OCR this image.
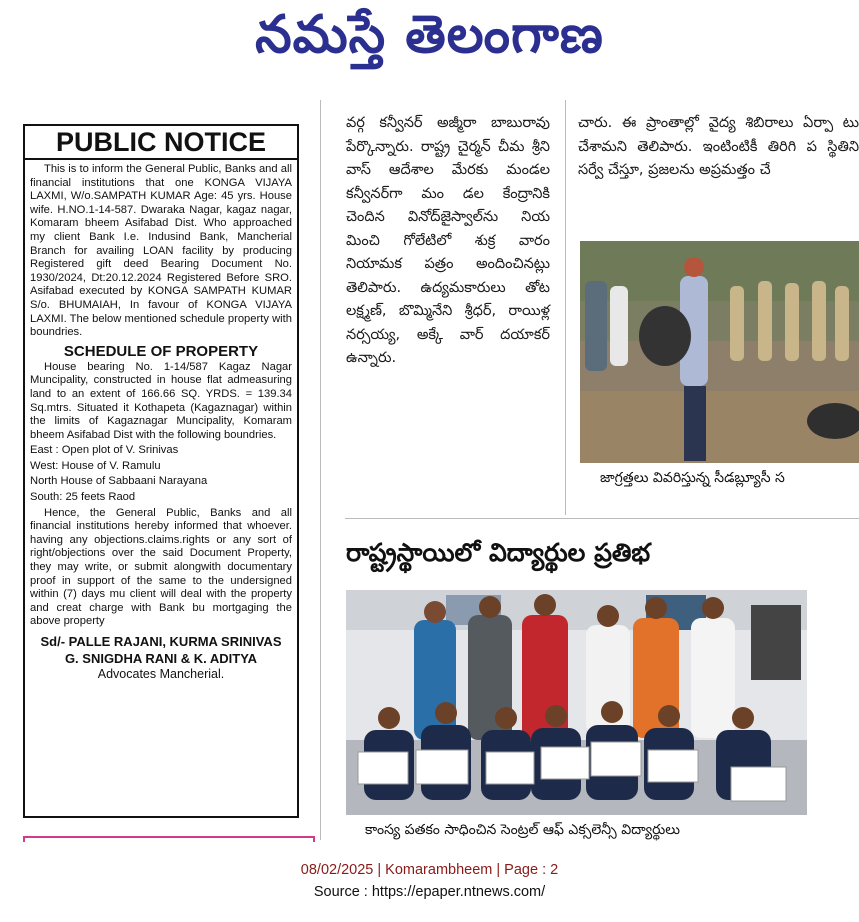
నమస్తే తెలంగాణ
PUBLIC NOTICE

This is to inform the General Public, Banks and all financial institutions that one KONGA VIJAYA LAXMI, W/o.SAMPATH KUMAR Age: 45 yrs. House wife. H.NO.1-14-587. Dwaraka Nagar, kagaz nagar, Komaram bheem Asifabad Dist. Who approached my client Bank I.e. Indusind Bank, Mancherial Branch for availing LOAN facility by producing Registered gift deed Bearing Document No. 1930/2024, Dt:20.12.2024 Registered Before SRO. Asifabad executed by KONGA SAMPATH KUMAR S/o. BHUMAIAH, In favour of KONGA VIJAYA LAXMI. The below mentioned schedule property with boundries.

SCHEDULE OF PROPERTY

House bearing No. 1-14/587 Kagaz Nagar Muncipality, constructed in house flat admeasuring land to an extent of 166.66 SQ. YRDS. = 139.34 Sq.mtrs. Situated it Kothapeta (Kagaznagar) within the limits of Kagaznagar Muncipality, Komaram bheem Asifabad Dist with the following boundries.

East : Open plot of V. Srinivas
West: House of V. Ramulu
North House of Sabbaani Narayana
South: 25 feets Raod

Hence, the General Public, Banks and all financial institutions hereby informed that whoever. having any objections.claims.rights or any sort of right/objections over the said Document Property, they may write, or submit alongwith documentary proof in support of the same to the undersigned within (7) days mu client will deal with the property and creat charge with Bank bu mortgaging the above property

Sd/- PALLE RAJANI, KURMA SRINIVAS
G. SNIGDHA RANI & K. ADITYA
Advocates Mancherial.
వర్గ కన్వీనర్ అజ్మీరా బాబురావు పేర్కొన్నారు. రాష్ట్ర చైర్మన్ చీమ శ్రీని వాస్ ఆదేశాల మేరకు మండల కన్వీనర్‌గా మం డల కేంద్రానికి చెందిన వినోద్‌జైస్వాల్‌ను నియ మించి గోలేటిలో శుక్ర వారం నియామక పత్రం అందించినట్లు తెలిపారు. ఉద్యమకారులు తోట లక్ష్మణ్, బొమ్మినేని శ్రీధర్, రాయిళ్ల నర్సయ్య, అక్కే వార్ దయాకర్ ఉన్నారు.
చారు. ఈ ప్రాంతాల్లో వైద్య శిబిరాలు ఏర్పా టు చేశామని తెలిపారు. ఇంటింటికీ తిరిగి ప స్థితిని సర్వే చేస్తూ, ప్రజలను అప్రమత్తం చే
జాగ్రత్తలు వివరిస్తున్న సీడబ్ల్యూసీ స
రాష్ట్రస్థాయిలో విద్యార్థుల ప్రతిభ
కాంస్య పతకం సాధించిన సెంట్రల్ ఆఫ్ ఎక్సలెన్సీ విద్యార్థులు
08/02/2025 | Komarambheem | Page : 2
Source : https://epaper.ntnews.com/
